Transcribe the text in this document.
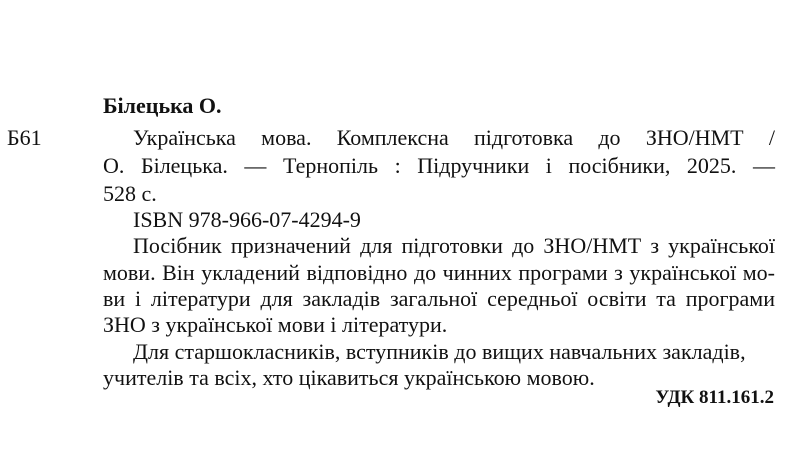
Білецька О.
Б61	Українська мова. Комплексна підготовка до ЗНО/НМТ /
О. Білецька. — Тернопіль : Підручники і посібники, 2025. —
528 с.
ISBN 978-966-07-4294-9
Посібник призначений для підготовки до ЗНО/НМТ з української
мови. Він укладений відповідно до чинних програми з української мо-
ви і літератури для закладів загальної середньої освіти та програми
ЗНО з української мови і літератури.
Для старшокласників, вступників до вищих навчальних закладів,
учителів та всіх, хто цікавиться українською мовою.
УДК 811.161.2
